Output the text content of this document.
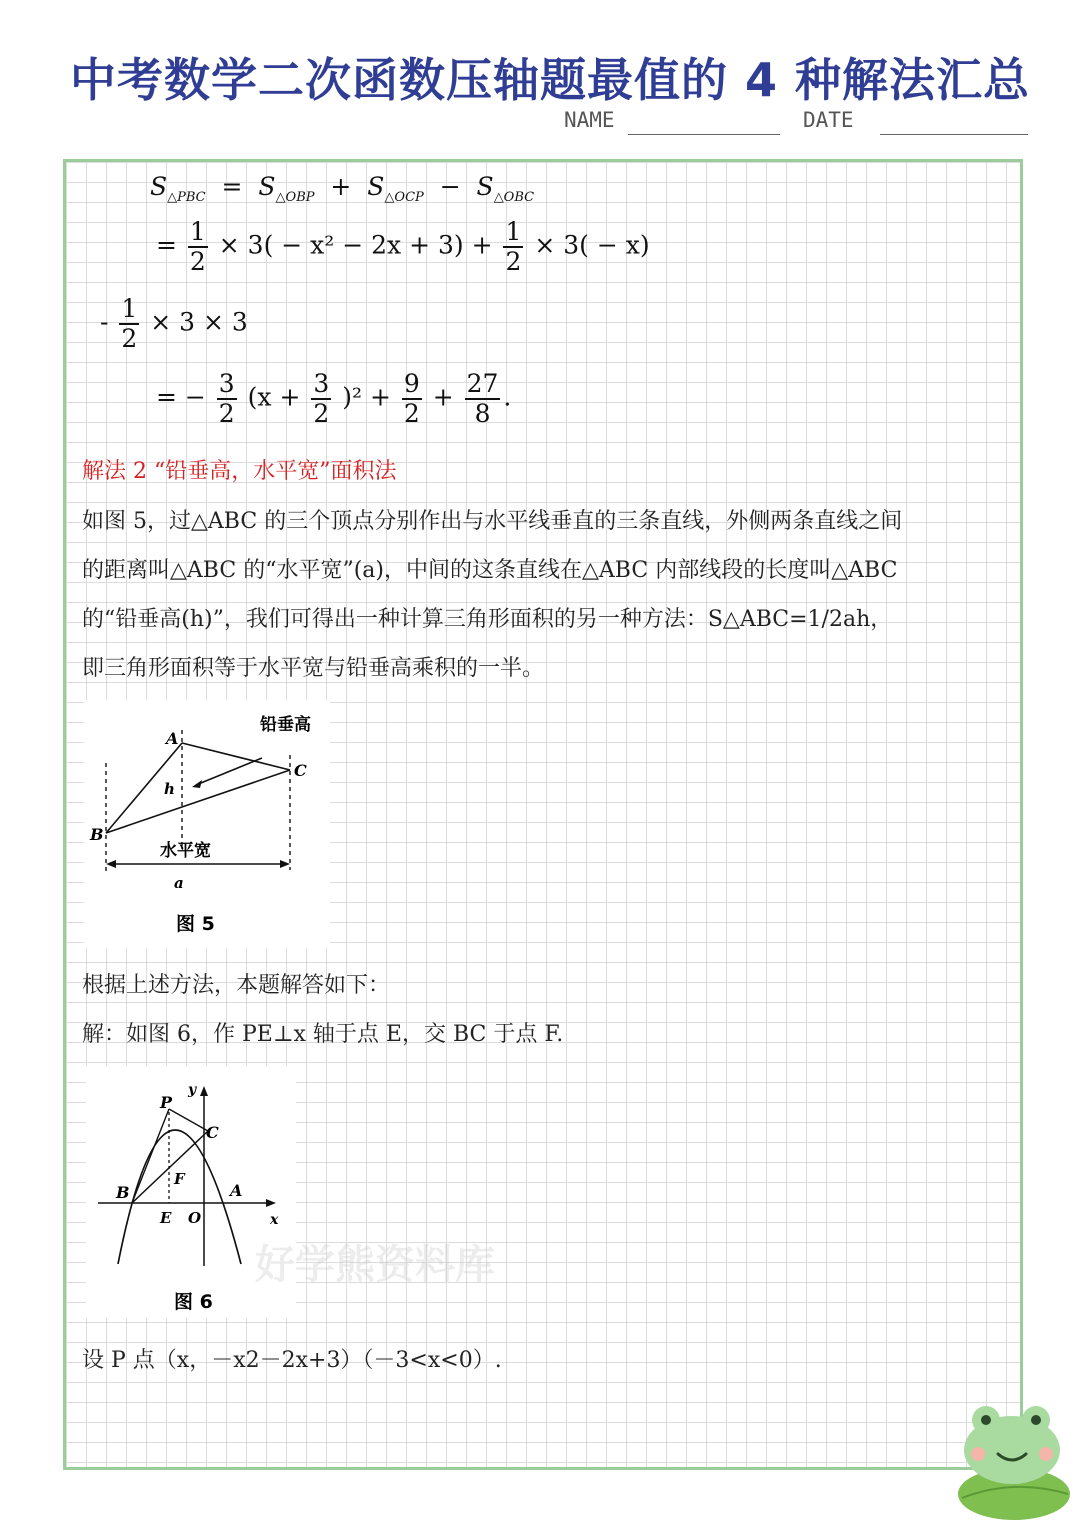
中考数学二次函数压轴题最值的 4 种解法汇总
NAME	DATE
$S_{\triangle PBC} = S_{\triangle OBP} + S_{\triangle OCP} - S_{\triangle OBC}$
= $\frac{1}{2} \times 3( - x^2 - 2x + 3) + \frac{1}{2} \times 3( - x)$
- $\frac{1}{2} \times 3 \times 3$
= − $\frac{3}{2} (x + \frac{3}{2} )^2 + \frac{9}{2} + \frac{27}{8}$ .
解法 2 “铅垂高，水平宽”面积法
如图 5，过△ABC 的三个顶点分别作出与水平线垂直的三条直线，外侧两条直线之间
的距离叫△ABC 的“水平宽”(a)，中间的这条直线在△ABC 内部线段的长度叫△ABC
的“铅垂高(h)”，我们可得出一种计算三角形面积的另一种方法：S△ABC=1/2ah，
即三角形面积等于水平宽与铅垂高乘积的一半。
铅垂高
A
B
C
h
水平宽
a
图 5
根据上述方法，本题解答如下：
解：如图 6，作 PE⊥x 轴于点 E，交 BC 于点 F.
P
y
C
F
B	A
E O	x
图 6
好学熊资料库
设 P 点（x，－x2－2x+3）（－3<x<0）.
